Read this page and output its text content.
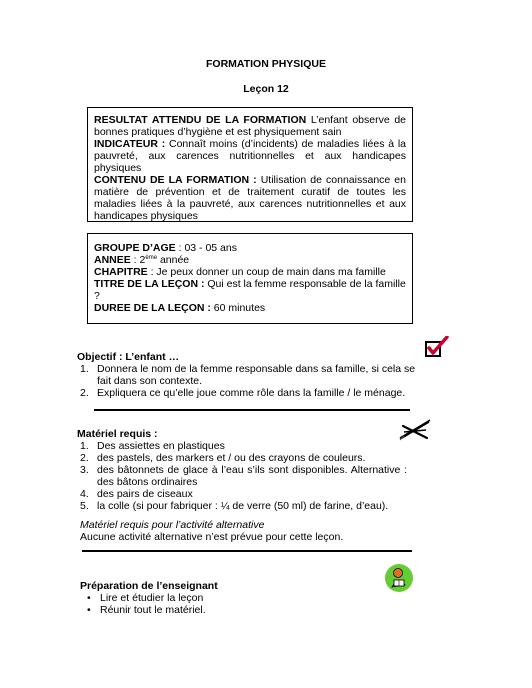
FORMATION PHYSIQUE
Leçon 12

RESULTAT ATTENDU DE LA FORMATION L’enfant observe de bonnes pratiques d’hygiène et est physiquement sain

INDICATEUR : Connaît moins (d’incidents) de maladies liées à la pauvreté, aux carences nutritionnelles et aux handicapes physiques

CONTENU DE LA FORMATION : Utilisation de connaissance en matière de prévention et de traitement curatif de toutes les maladies liées à la pauvreté, aux carences nutritionnelles et aux handicapes physiques

GROUPE D’AGE : 03 - 05 ans

ANNEE : 2ème année

CHAPITRE : Je peux donner un coup de main dans ma famille

TITRE DE LA LEÇON : Qui est la femme responsable de la famille ?

DUREE DE LA LEÇON : 60 minutes

Objectif : L’enfant …
1. Donnera le nom de la femme responsable dans sa famille, si cela se fait dans son contexte.
2. Expliquera ce qu’elle joue comme rôle dans la famille / le ménage.
Matériel requis :
1. Des assiettes en plastiques
2. des pastels, des markers et / ou des crayons de couleurs.
3. des bâtonnets de glace à l’eau s’ils sont disponibles. Alternative : des bâtons ordinaires
4. des pairs de ciseaux
5. la colle (si pour fabriquer : ¼ de verre (50 ml) de farine, d’eau).
Matériel requis pour l’activité alternative
Aucune activité alternative n’est prévue pour cette leçon.
Préparation de l’enseignant
• Lire et étudier la leçon
• Réunir tout le matériel.
